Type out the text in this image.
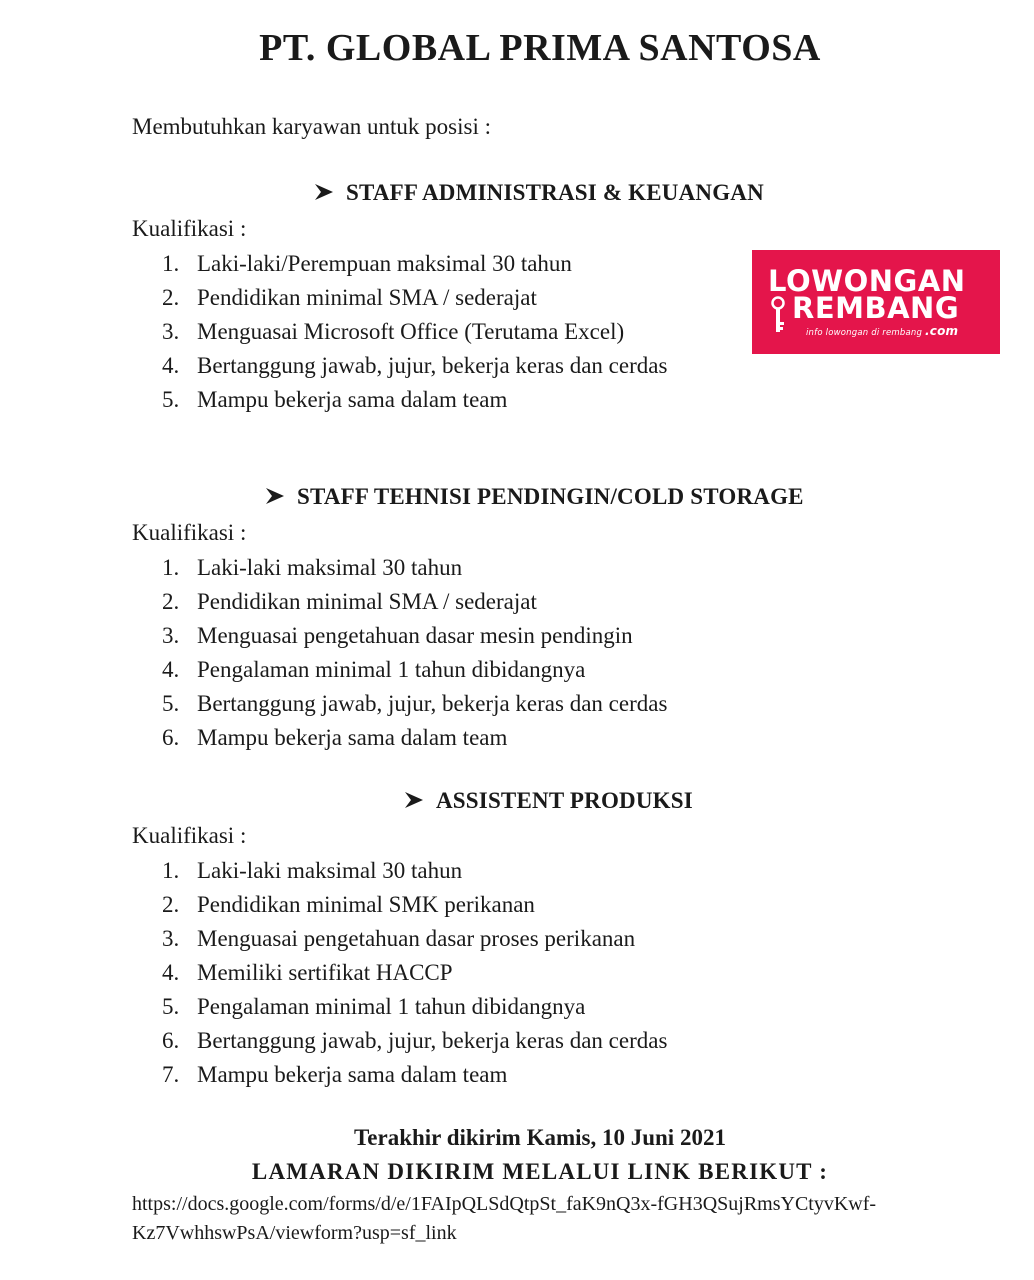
PT. GLOBAL PRIMA SANTOSA
Membutuhkan karyawan untuk posisi :
STAFF ADMINISTRASI & KEUANGAN
Kualifikasi :
1. Laki-laki/Perempuan maksimal 30 tahun
2. Pendidikan minimal SMA / sederajat
3. Menguasai Microsoft Office (Terutama Excel)
4. Bertanggung jawab, jujur, bekerja keras dan cerdas
5. Mampu bekerja sama dalam team
STAFF TEHNISI PENDINGIN/COLD STORAGE
Kualifikasi :
1. Laki-laki maksimal 30 tahun
2. Pendidikan minimal SMA / sederajat
3. Menguasai pengetahuan dasar mesin pendingin
4. Pengalaman minimal 1 tahun dibidangnya
5. Bertanggung jawab, jujur, bekerja keras dan cerdas
6. Mampu bekerja sama dalam team
ASSISTENT PRODUKSI
Kualifikasi :
1. Laki-laki maksimal 30 tahun
2. Pendidikan minimal SMK perikanan
3. Menguasai pengetahuan dasar proses perikanan
4. Memiliki sertifikat HACCP
5. Pengalaman minimal 1 tahun dibidangnya
6. Bertanggung jawab, jujur, bekerja keras dan cerdas
7. Mampu bekerja sama dalam team
Terakhir dikirim Kamis, 10 Juni 2021
LAMARAN DIKIRIM MELALUI LINK BERIKUT :
https://docs.google.com/forms/d/e/1FAIpQLSdQtpSt_faK9nQ3x-fGH3QSujRmsYCtyvKwf-
Kz7VwhhswPsA/viewform?usp=sf_link
LOWONGAN
REMBANG
info lowongan di rembang .com
